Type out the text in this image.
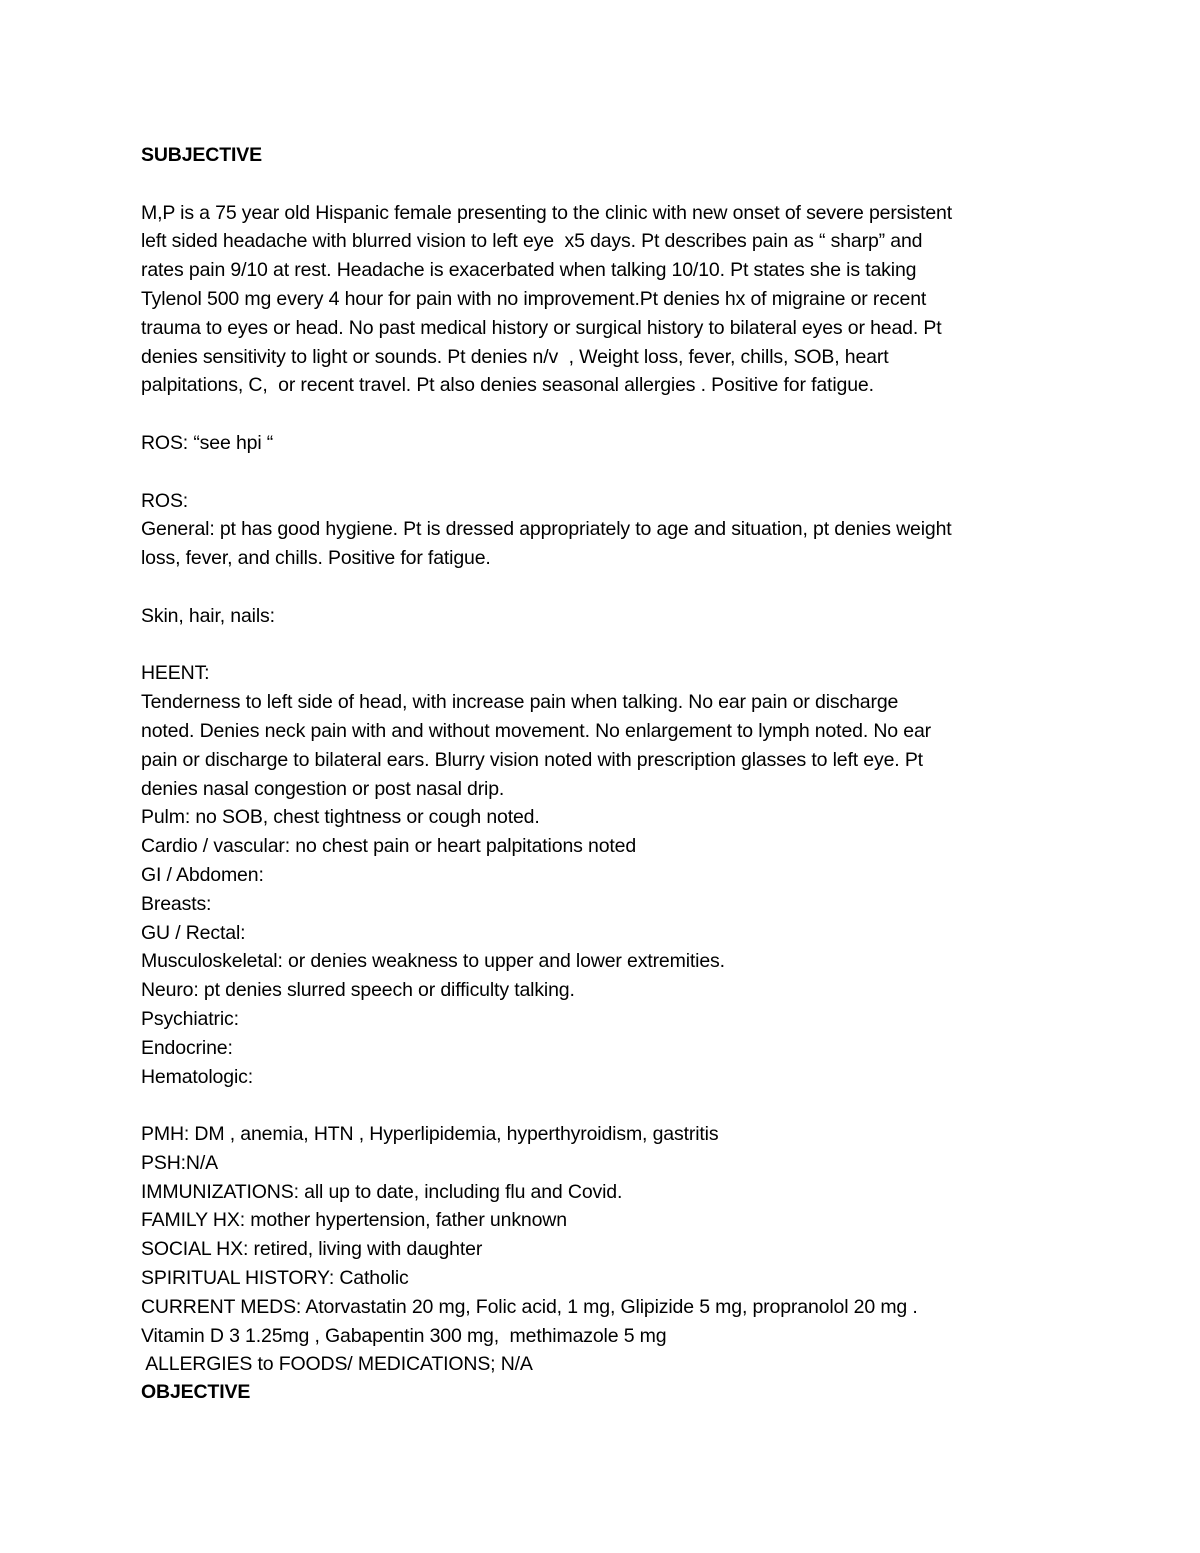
SUBJECTIVE
M,P is a 75 year old Hispanic female presenting to the clinic with new onset of severe persistent
left sided headache with blurred vision to left eye  x5 days. Pt describes pain as “ sharp” and
rates pain 9/10 at rest. Headache is exacerbated when talking 10/10. Pt states she is taking
Tylenol 500 mg every 4 hour for pain with no improvement.Pt denies hx of migraine or recent
trauma to eyes or head. No past medical history or surgical history to bilateral eyes or head. Pt
denies sensitivity to light or sounds. Pt denies n/v  , Weight loss, fever, chills, SOB, heart
palpitations, C,  or recent travel. Pt also denies seasonal allergies . Positive for fatigue.
ROS: “see hpi “
ROS:
General: pt has good hygiene. Pt is dressed appropriately to age and situation, pt denies weight
loss, fever, and chills. Positive for fatigue.
Skin, hair, nails:
HEENT:
Tenderness to left side of head, with increase pain when talking. No ear pain or discharge
noted. Denies neck pain with and without movement. No enlargement to lymph noted. No ear
pain or discharge to bilateral ears. Blurry vision noted with prescription glasses to left eye. Pt
denies nasal congestion or post nasal drip.
Pulm: no SOB, chest tightness or cough noted.
Cardio / vascular: no chest pain or heart palpitations noted
GI / Abdomen:
Breasts:
GU / Rectal:
Musculoskeletal: or denies weakness to upper and lower extremities.
Neuro: pt denies slurred speech or difficulty talking.
Psychiatric:
Endocrine:
Hematologic:
PMH: DM , anemia, HTN , Hyperlipidemia, hyperthyroidism, gastritis
PSH:N/A
IMMUNIZATIONS: all up to date, including flu and Covid.
FAMILY HX: mother hypertension, father unknown
SOCIAL HX: retired, living with daughter
SPIRITUAL HISTORY: Catholic
CURRENT MEDS: Atorvastatin 20 mg, Folic acid, 1 mg, Glipizide 5 mg, propranolol 20 mg .
Vitamin D 3 1.25mg , Gabapentin 300 mg,  methimazole 5 mg
ALLERGIES to FOODS/ MEDICATIONS; N/A
OBJECTIVE
